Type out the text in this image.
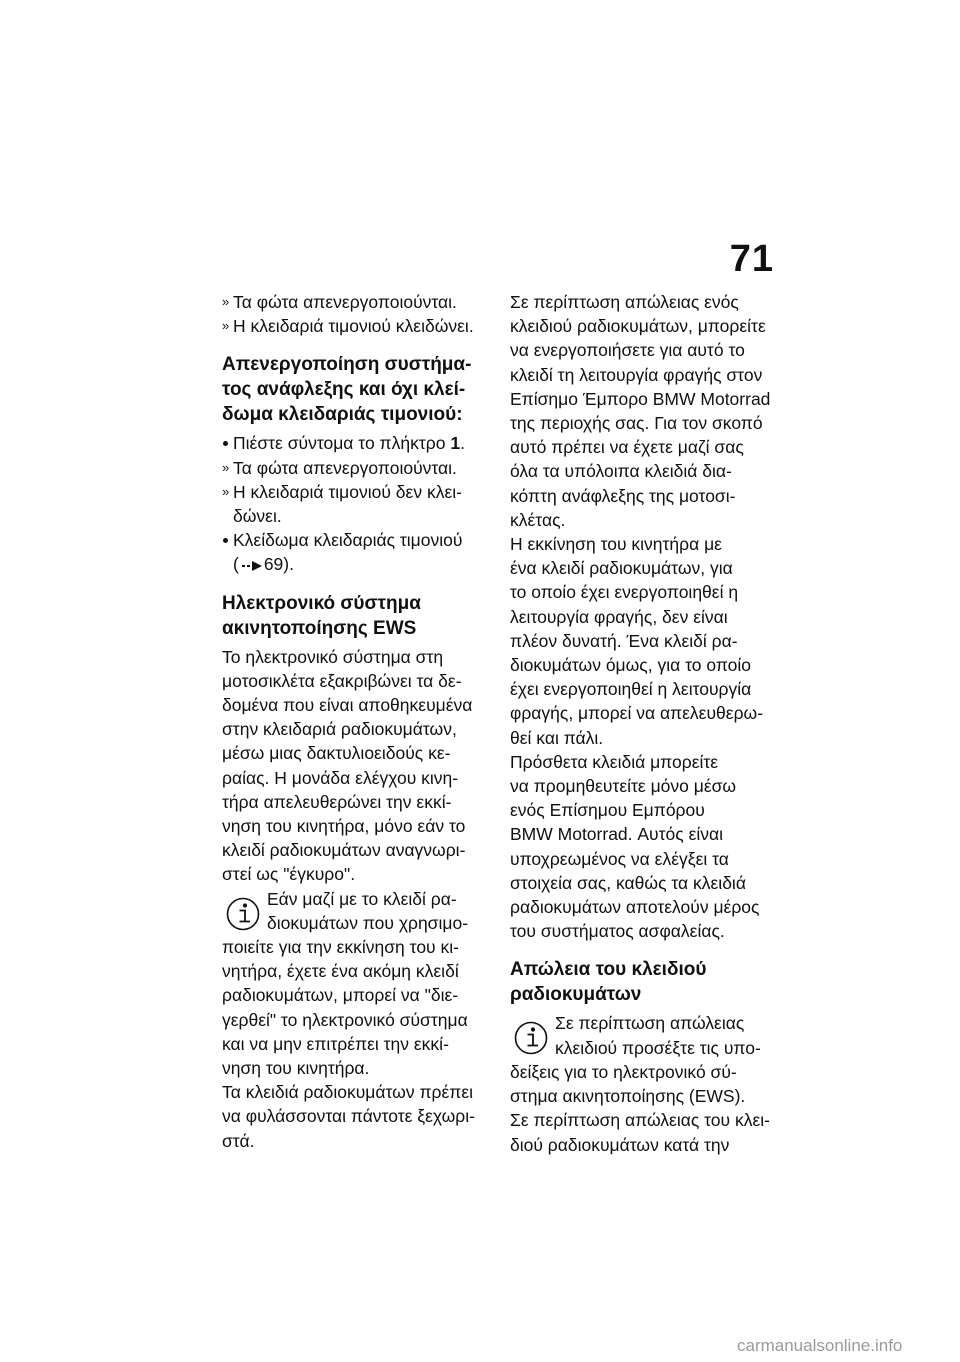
71
» Τα φώτα απενεργοποιούνται.
» Η κλειδαριά τιμονιού κλειδώνει.
Απενεργοποίηση συστήμα-
τος ανάφλεξης και όχι κλεί-
δωμα κλειδαριάς τιμονιού:
Πιέστε σύντομα το πλήκτρο 1.
» Τα φώτα απενεργοποιούνται.
» Η κλειδαριά τιμονιού δεν κλει-
δώνει.
Κλείδωμα κλειδαριάς τιμονιού
( 69).
Ηλεκτρονικό σύστημα
ακινητοποίησης EWS
Το ηλεκτρονικό σύστημα στη
μοτοσικλέτα εξακριβώνει τα δε-
δομένα που είναι αποθηκευμένα
στην κλειδαριά ραδιοκυμάτων,
μέσω μιας δακτυλιοειδούς κε-
ραίας. Η μονάδα ελέγχου κινη-
τήρα απελευθερώνει την εκκί-
νηση του κινητήρα, μόνο εάν το
κλειδί ραδιοκυμάτων αναγνωρι-
στεί ως "έγκυρο".
Εάν μαζί με το κλειδί ρα-
διοκυμάτων που χρησιμο-
ποιείτε για την εκκίνηση του κι-
νητήρα, έχετε ένα ακόμη κλειδί
ραδιοκυμάτων, μπορεί να "διε-
γερθεί" το ηλεκτρονικό σύστημα
και να μην επιτρέπει την εκκί-
νηση του κινητήρα.
Τα κλειδιά ραδιοκυμάτων πρέπει
να φυλάσσονται πάντοτε ξεχωρι-
στά.
Σε περίπτωση απώλειας ενός
κλειδιού ραδιοκυμάτων, μπορείτε
να ενεργοποιήσετε για αυτό το
κλειδί τη λειτουργία φραγής στον
Επίσημο Έμπορο BMW Motorrad
της περιοχής σας. Για τον σκοπό
αυτό πρέπει να έχετε μαζί σας
όλα τα υπόλοιπα κλειδιά δια-
κόπτη ανάφλεξης της μοτοσι-
κλέτας.
Η εκκίνηση του κινητήρα με
ένα κλειδί ραδιοκυμάτων, για
το οποίο έχει ενεργοποιηθεί η
λειτουργία φραγής, δεν είναι
πλέον δυνατή. Ένα κλειδί ρα-
διοκυμάτων όμως, για το οποίο
έχει ενεργοποιηθεί η λειτουργία
φραγής, μπορεί να απελευθερω-
θεί και πάλι.
Πρόσθετα κλειδιά μπορείτε
να προμηθευτείτε μόνο μέσω
ενός Επίσημου Εμπόρου
BMW Motorrad. Αυτός είναι
υποχρεωμένος να ελέγξει τα
στοιχεία σας, καθώς τα κλειδιά
ραδιοκυμάτων αποτελούν μέρος
του συστήματος ασφαλείας.
Απώλεια του κλειδιού
ραδιοκυμάτων
Σε περίπτωση απώλειας
κλειδιού προσέξτε τις υπο-
δείξεις για το ηλεκτρονικό σύ-
στημα ακινητοποίησης (EWS).
Σε περίπτωση απώλειας του κλει-
διού ραδιοκυμάτων κατά την
carmanualsonline.info
